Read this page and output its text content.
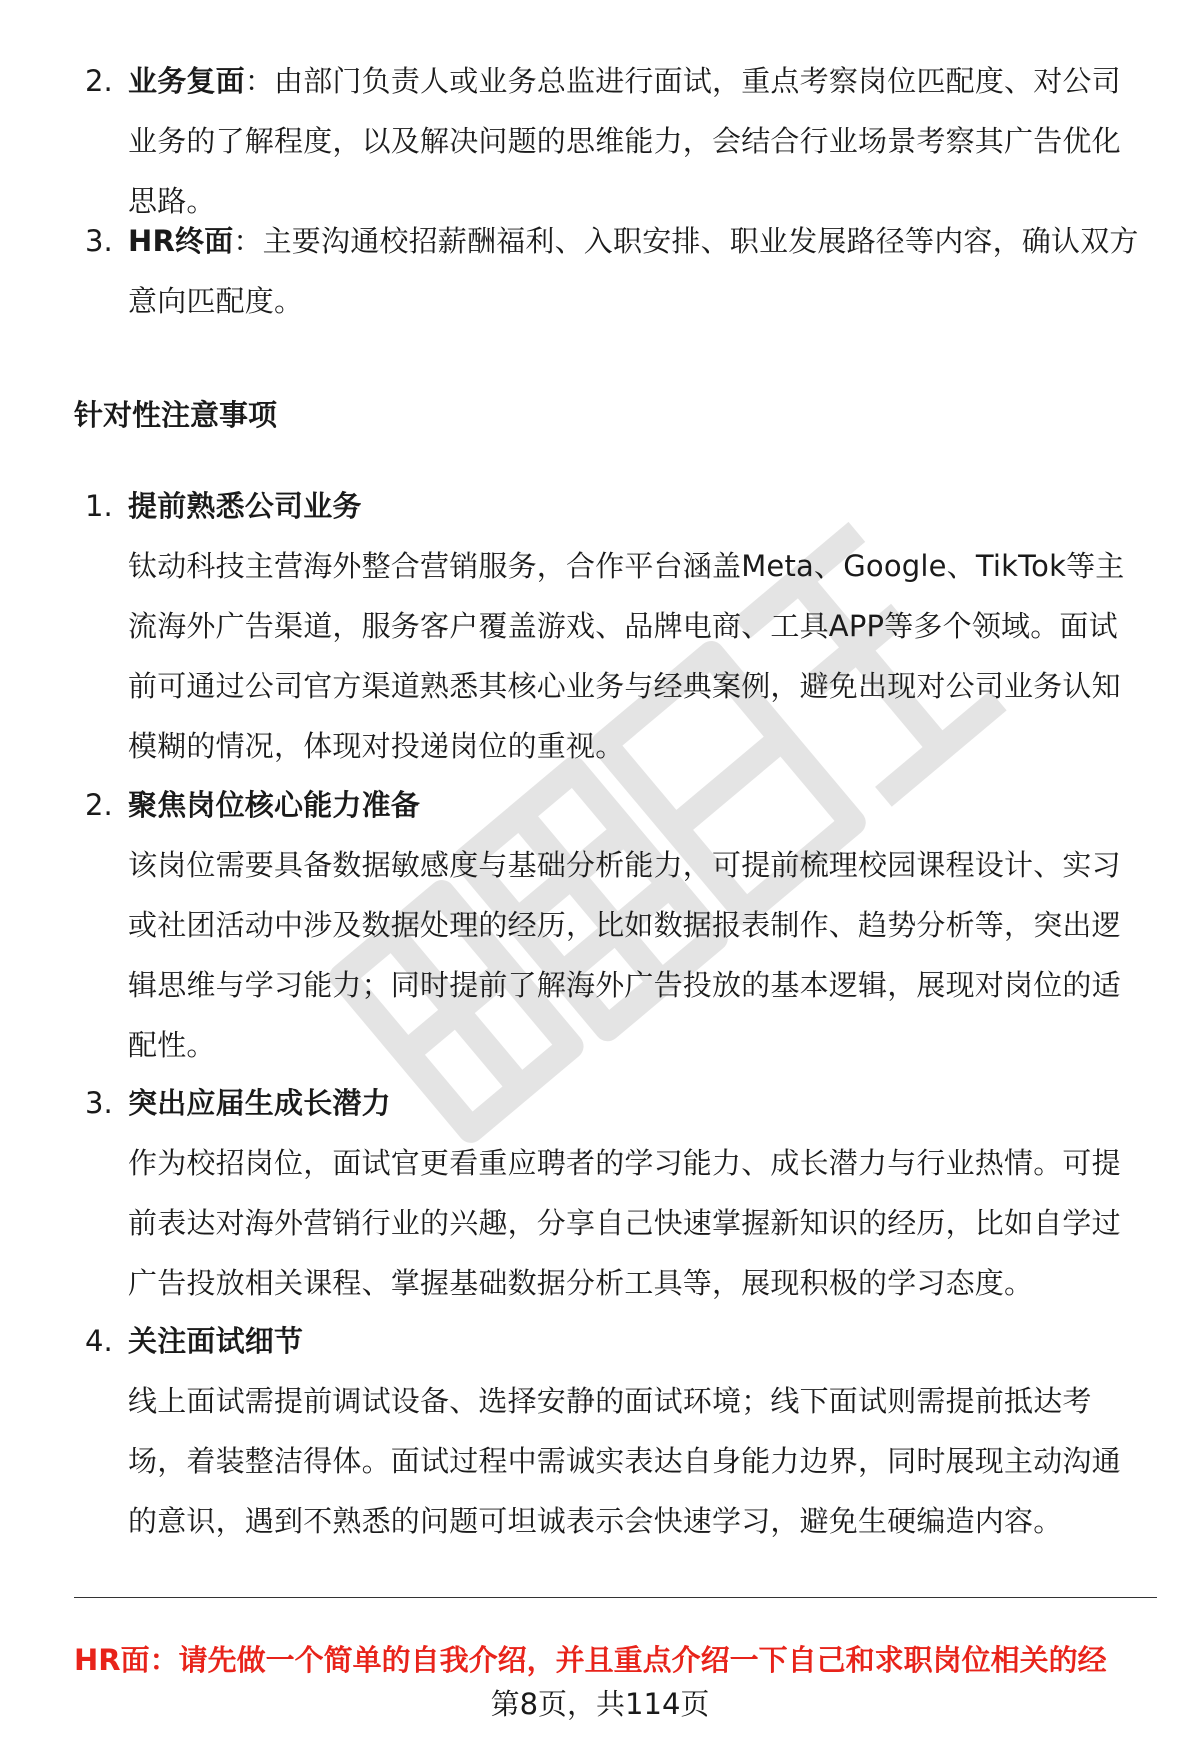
2. 业务复面：由部门负责人或业务总监进行面试，重点考察岗位匹配度、对公司
业务的了解程度，以及解决问题的思维能力，会结合行业场景考察其广告优化
思路。
3. HR终面：主要沟通校招薪酬福利、入职安排、职业发展路径等内容，确认双方
意向匹配度。
针对性注意事项
1. 提前熟悉公司业务
钛动科技主营海外整合营销服务，合作平台涵盖Meta、Google、TikTok等主
流海外广告渠道，服务客户覆盖游戏、品牌电商、工具APP等多个领域。面试
前可通过公司官方渠道熟悉其核心业务与经典案例，避免出现对公司业务认知
模糊的情况，体现对投递岗位的重视。
2. 聚焦岗位核心能力准备
该岗位需要具备数据敏感度与基础分析能力，可提前梳理校园课程设计、实习
或社团活动中涉及数据处理的经历，比如数据报表制作、趋势分析等，突出逻
辑思维与学习能力；同时提前了解海外广告投放的基本逻辑，展现对岗位的适
配性。
3. 突出应届生成长潜力
作为校招岗位，面试官更看重应聘者的学习能力、成长潜力与行业热情。可提
前表达对海外营销行业的兴趣，分享自己快速掌握新知识的经历，比如自学过
广告投放相关课程、掌握基础数据分析工具等，展现积极的学习态度。
4. 关注面试细节
线上面试需提前调试设备、选择安静的面试环境；线下面试则需提前抵达考
场，着装整洁得体。面试过程中需诚实表达自身能力边界，同时展现主动沟通
的意识，遇到不熟悉的问题可坦诚表示会快速学习，避免生硬编造内容。
HR面：请先做一个简单的自我介绍，并且重点介绍一下自己和求职岗位相关的经
第8页，共114页
